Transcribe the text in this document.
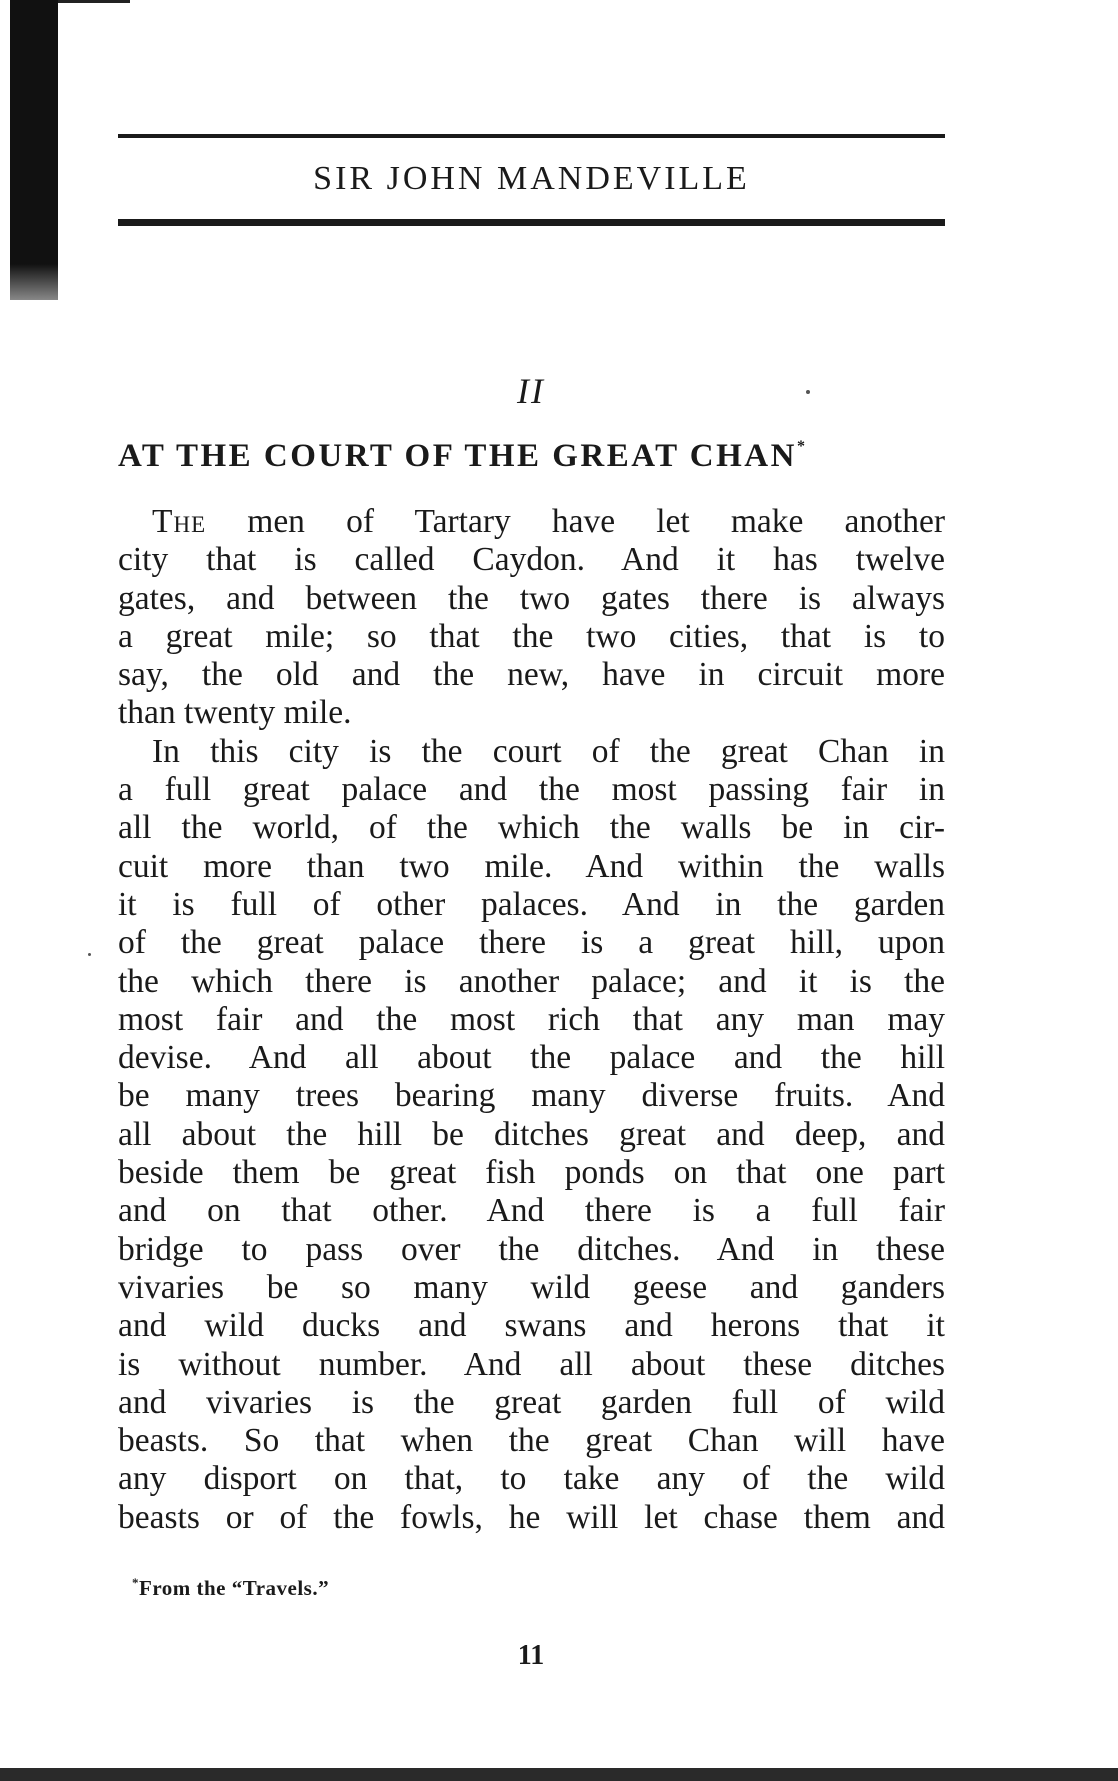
SIR JOHN MANDEVILLE
II
AT THE COURT OF THE GREAT CHAN*
The men of Tartary have let make another
city that is called Caydon. And it has twelve
gates, and between the two gates there is always
a great mile; so that the two cities, that is to
say, the old and the new, have in circuit more
than twenty mile.
In this city is the court of the great Chan in
a full great palace and the most passing fair in
all the world, of the which the walls be in cir-
cuit more than two mile. And within the walls
it is full of other palaces. And in the garden
of the great palace there is a great hill, upon
the which there is another palace; and it is the
most fair and the most rich that any man may
devise. And all about the palace and the hill
be many trees bearing many diverse fruits. And
all about the hill be ditches great and deep, and
beside them be great fish ponds on that one part
and on that other. And there is a full fair
bridge to pass over the ditches. And in these
vivaries be so many wild geese and ganders
and wild ducks and swans and herons that it
is without number. And all about these ditches
and vivaries is the great garden full of wild
beasts. So that when the great Chan will have
any disport on that, to take any of the wild
beasts or of the fowls, he will let chase them and
*From the “Travels.”
11
